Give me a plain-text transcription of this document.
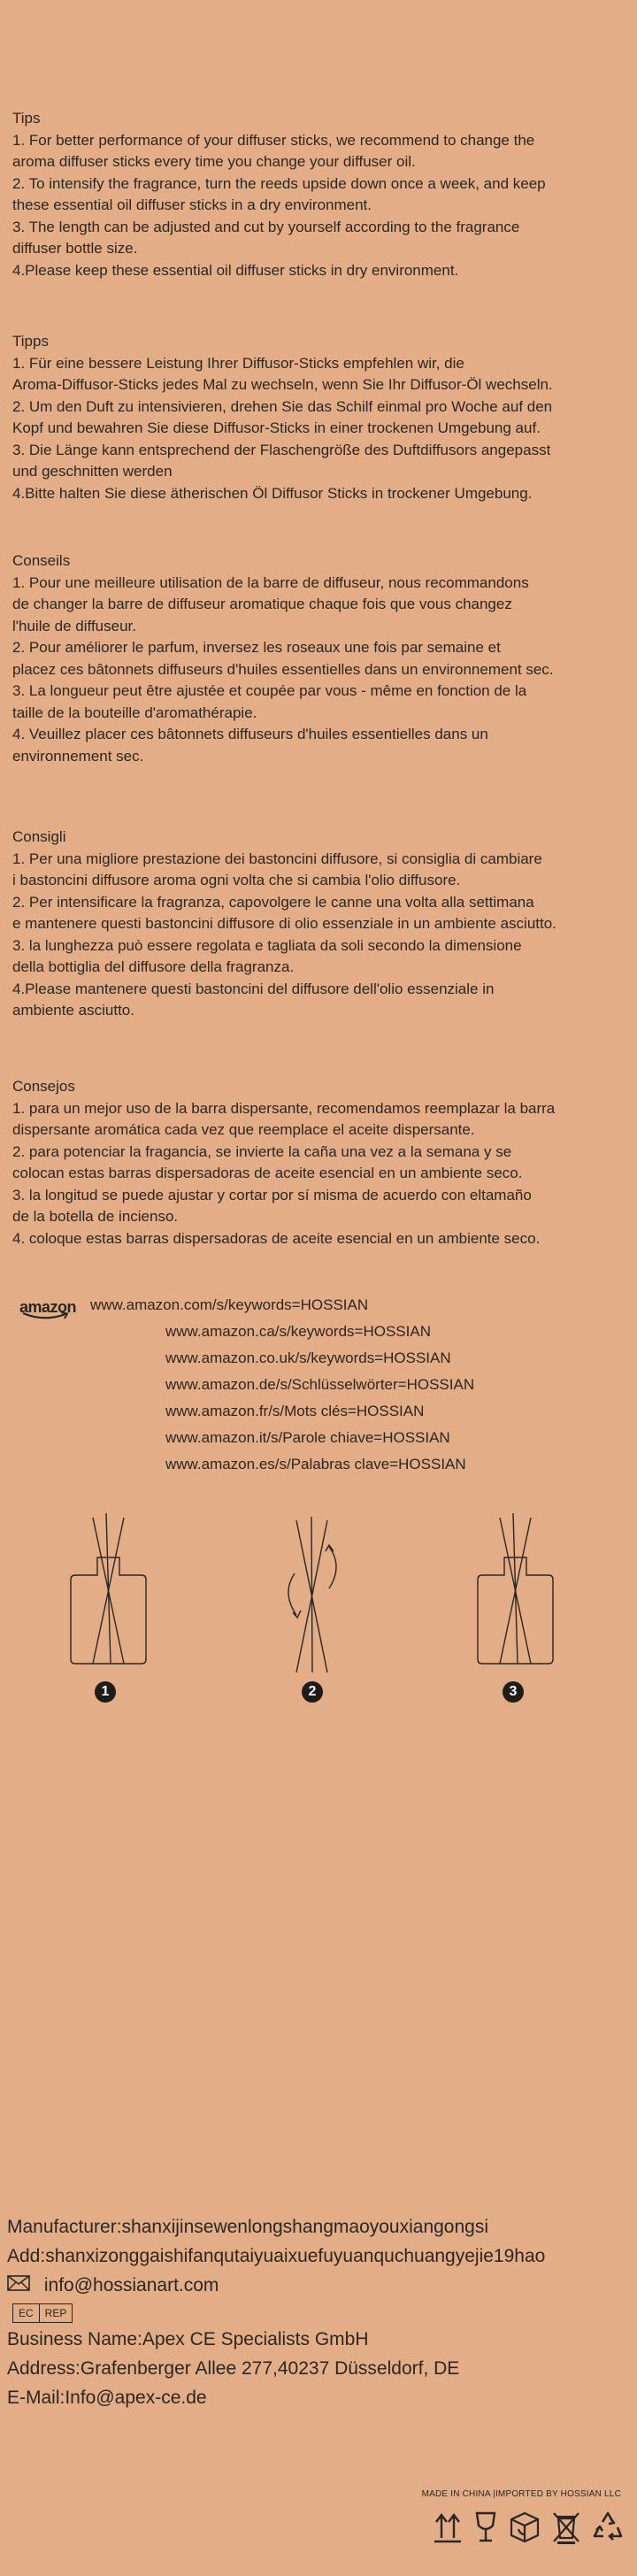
Tips
1. For better performance of your diffuser sticks, we recommend to change the
aroma diffuser sticks every time you change your diffuser oil.
2. To intensify the fragrance, turn the reeds upside down once a week, and keep
these essential oil diffuser sticks in a dry environment.
3. The length can be adjusted and cut by yourself according to the fragrance
diffuser bottle size.
4.Please keep these essential oil diffuser sticks in dry environment.
Tipps
1. Für eine bessere Leistung Ihrer Diffusor-Sticks empfehlen wir, die
Aroma-Diffusor-Sticks jedes Mal zu wechseln, wenn Sie Ihr Diffusor-Öl wechseln.
2. Um den Duft zu intensivieren, drehen Sie das Schilf einmal pro Woche auf den
Kopf und bewahren Sie diese Diffusor-Sticks in einer trockenen Umgebung auf.
3. Die Länge kann entsprechend der Flaschengröße des Duftdiffusors angepasst
und geschnitten werden
4.Bitte halten Sie diese ätherischen Öl Diffusor Sticks in trockener Umgebung.
Conseils
1. Pour une meilleure utilisation de la barre de diffuseur, nous recommandons
de changer la barre de diffuseur aromatique chaque fois que vous changez
l'huile de diffuseur.
2. Pour améliorer le parfum, inversez les roseaux une fois par semaine et
placez ces bâtonnets diffuseurs d'huiles essentielles dans un environnement sec.
3. La longueur peut être ajustée et coupée par vous - même en fonction de la
taille de la bouteille d'aromathérapie.
4. Veuillez placer ces bâtonnets diffuseurs d'huiles essentielles dans un
environnement sec.
Consigli
1. Per una migliore prestazione dei bastoncini diffusore, si consiglia di cambiare
i bastoncini diffusore aroma ogni volta che si cambia l'olio diffusore.
2. Per intensificare la fragranza, capovolgere le canne una volta alla settimana
e mantenere questi bastoncini diffusore di olio essenziale in un ambiente asciutto.
3. la lunghezza può essere regolata e tagliata da soli secondo la dimensione
della bottiglia del diffusore della fragranza.
4.Please mantenere questi bastoncini del diffusore dell'olio essenziale in
ambiente asciutto.
Consejos
1. para un mejor uso de la barra dispersante, recomendamos reemplazar la barra
dispersante aromática cada vez que reemplace el aceite dispersante.
2. para potenciar la fragancia, se invierte la caña una vez a la semana y se
colocan estas barras dispersadoras de aceite esencial en un ambiente seco.
3. la longitud se puede ajustar y cortar por sí misma de acuerdo con eltamaño
de la botella de incienso.
4. coloque estas barras dispersadoras de aceite esencial en un ambiente seco.
amazon www.amazon.com/s/keywords=HOSSIAN
www.amazon.ca/s/keywords=HOSSIAN
www.amazon.co.uk/s/keywords=HOSSIAN
www.amazon.de/s/Schlüsselwörter=HOSSIAN
www.amazon.fr/s/Mots clés=HOSSIAN
www.amazon.it/s/Parole chiave=HOSSIAN
www.amazon.es/s/Palabras clave=HOSSIAN
1	2	3
Manufacturer:shanxijinsewenlongshangmaoyouxiangongsi
Add:shanxizonggaishifanqutaiyuaixuefuyuanquchuangyejie19hao
info@hossianart.com
EC	REP
Business Name:Apex CE Specialists GmbH
Address:Grafenberger Allee 277,40237 Düsseldorf, DE
E-Mail:Info@apex-ce.de
MADE IN CHINA |IMPORTED BY HOSSIAN LLC
